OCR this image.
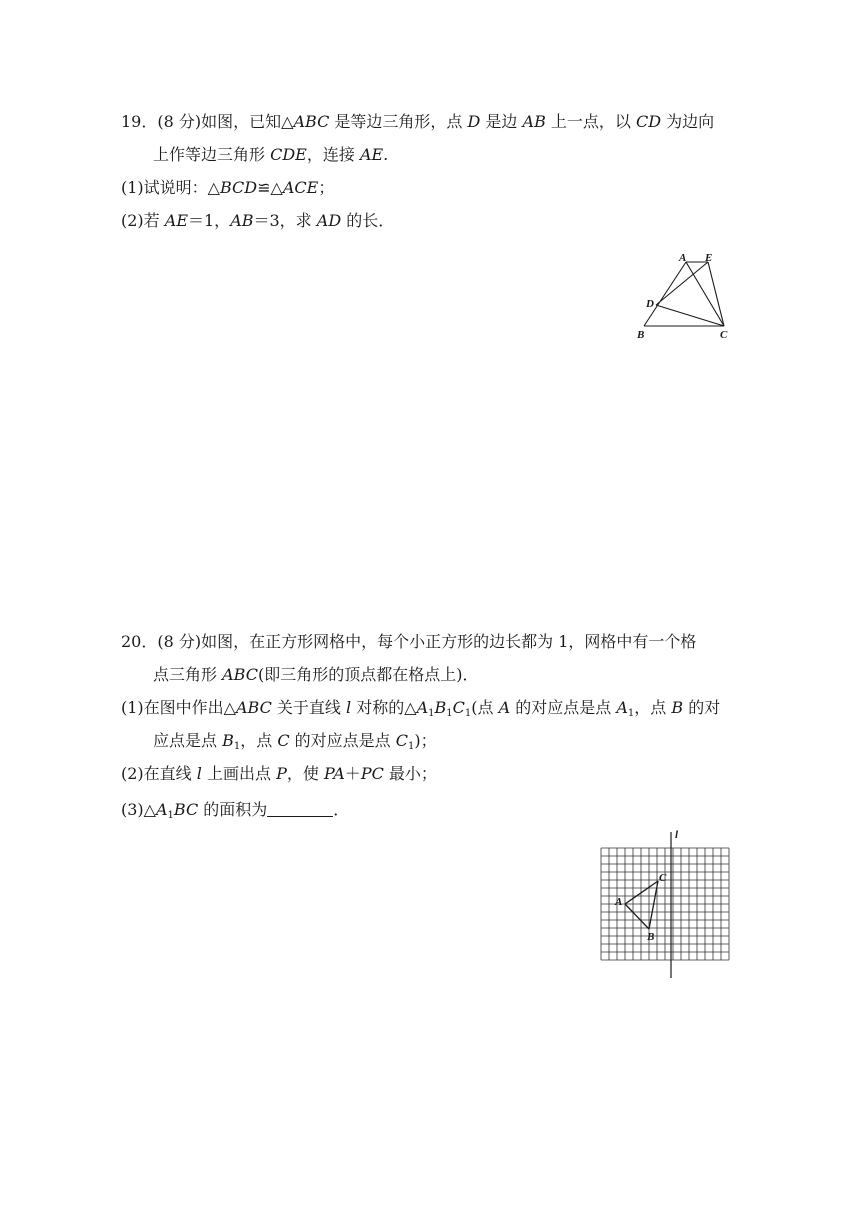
19．(8 分)如图，已知△ABC 是等边三角形，点 D 是边 AB 上一点，以 CD 为边向
上作等边三角形 CDE，连接 AE.
(1)试说明：△BCD≌△ACE；
(2)若 AE＝1，AB＝3，求 AD 的长．
A E
D
B	C
20．(8 分)如图，在正方形网格中，每个小正方形的边长都为 1，网格中有一个格
点三角形 ABC(即三角形的顶点都在格点上)．
(1)在图中作出△ABC 关于直线 l 对称的$\triangle A_1B_1C_1$(点 A 的对应点是点 $A_1$，点 B 的对
应点是点 $B_1$，点 C 的对应点是点 $C_1$)；
(2)在直线 l 上画出点 P，使 PA＋PC 最小；
$(3)\triangle A_1BC$ 的面积为	．
l
A
B
C
